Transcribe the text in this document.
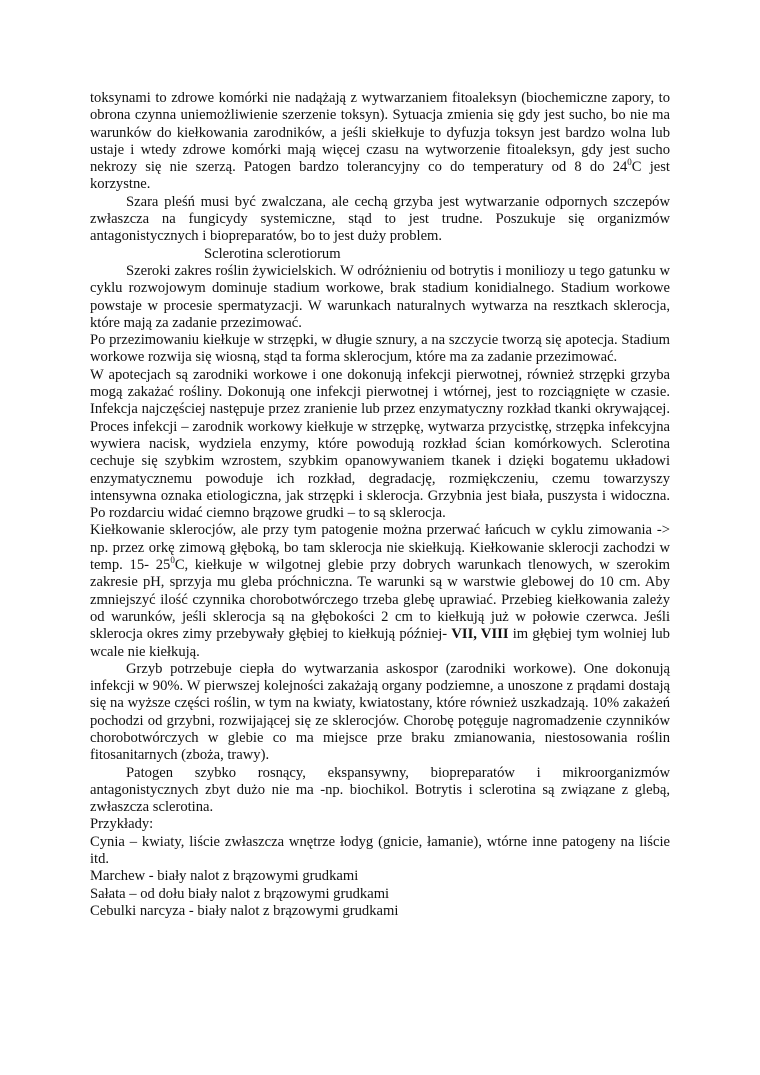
toksynami to zdrowe komórki nie nadążają z wytwarzaniem fitoaleksyn (biochemiczne zapory, to obrona czynna uniemożliwienie szerzenie toksyn). Sytuacja zmienia się gdy jest sucho, bo nie ma warunków do kiełkowania zarodników, a jeśli skiełkuje to dyfuzja toksyn jest bardzo wolna lub ustaje i wtedy zdrowe komórki mają więcej czasu na wytworzenie fitoaleksyn, gdy jest sucho nekrozy się nie szerzą. Patogen bardzo tolerancyjny co do temperatury od 8 do $24^0C$ jest korzystne.

Szara pleśń musi być zwalczana, ale cechą grzyba jest wytwarzanie odpornych szczepów zwłaszcza na fungicydy systemiczne, stąd to jest trudne. Poszukuje się organizmów antagonistycznych i biopreparatów, bo to jest duży problem.

Sclerotina sclerotiorum

Szeroki zakres roślin żywicielskich. W odróżnieniu od botrytis i moniliozy u tego gatunku w cyklu rozwojowym dominuje stadium workowe, brak stadium konidialnego. Stadium workowe powstaje w procesie spermatyzacji. W warunkach naturalnych wytwarza na resztkach sklerocja, które mają za zadanie przezimować.

Po przezimowaniu kiełkuje w strzępki, w długie sznury, a na szczycie tworzą się apotecja. Stadium workowe rozwija się wiosną, stąd ta forma sklerocjum, które ma za zadanie przezimować.

W apotecjach są zarodniki workowe i one dokonują infekcji pierwotnej, również strzępki grzyba mogą zakażać rośliny. Dokonują one infekcji pierwotnej i wtórnej, jest to rozciągnięte w czasie. Infekcja najczęściej następuje przez zranienie lub przez enzymatyczny rozkład tkanki okrywającej. Proces infekcji – zarodnik workowy kiełkuje w strzępkę, wytwarza przycistkę, strzępka infekcyjna wywiera nacisk, wydziela enzymy, które powodują rozkład ścian komórkowych. Sclerotina cechuje się szybkim wzrostem, szybkim opanowywaniem tkanek i dzięki bogatemu układowi enzymatycznemu powoduje ich rozkład, degradację, rozmiękczeniu, czemu towarzyszy intensywna oznaka etiologiczna, jak strzępki i sklerocja. Grzybnia jest biała, puszysta i widoczna. Po rozdarciu widać ciemno brązowe grudki – to są sklerocja.

Kiełkowanie sklerocjów, ale przy tym patogenie można przerwać łańcuch w cyklu zimowania -> np. przez orkę zimową głęboką, bo tam sklerocja nie skiełkują. Kiełkowanie sklerocji zachodzi w temp. 15- $25^0C$, kiełkuje w wilgotnej glebie przy dobrych warunkach tlenowych, w szerokim zakresie pH, sprzyja mu gleba próchniczna. Te warunki są w warstwie glebowej do 10 cm. Aby zmniejszyć ilość czynnika chorobotwórczego trzeba glebę uprawiać. Przebieg kiełkowania zależy od warunków, jeśli sklerocja są na głębokości 2 cm to kiełkują już w połowie czerwca. Jeśli sklerocja okres zimy przebywały głębiej to kiełkują później- VII, VIII im głębiej tym wolniej lub wcale nie kiełkują.

Grzyb potrzebuje ciepła do wytwarzania askospor (zarodniki workowe). One dokonują infekcji w 90%. W pierwszej kolejności zakażają organy podziemne, a unoszone z prądami dostają się na wyższe części roślin, w tym na kwiaty, kwiatostany, które również uszkadzają. 10% zakażeń pochodzi od grzybni, rozwijającej się ze sklerocjów. Chorobę potęguje nagromadzenie czynników chorobotwórczych w glebie co ma miejsce prze braku zmianowania, niestosowania roślin fitosanitarnych (zboża, trawy).

Patogen szybko rosnący, ekspansywny, biopreparatów i mikroorganizmów antagonistycznych zbyt dużo nie ma -np. biochikol. Botrytis i sclerotina są związane z glebą, zwłaszcza sclerotina.

Przykłady:

Cynia – kwiaty, liście zwłaszcza wnętrze łodyg (gnicie, łamanie), wtórne inne patogeny na liście itd.

Marchew - biały nalot z brązowymi grudkami

Sałata – od dołu biały nalot z brązowymi grudkami

Cebulki narcyza - biały nalot z brązowymi grudkami
